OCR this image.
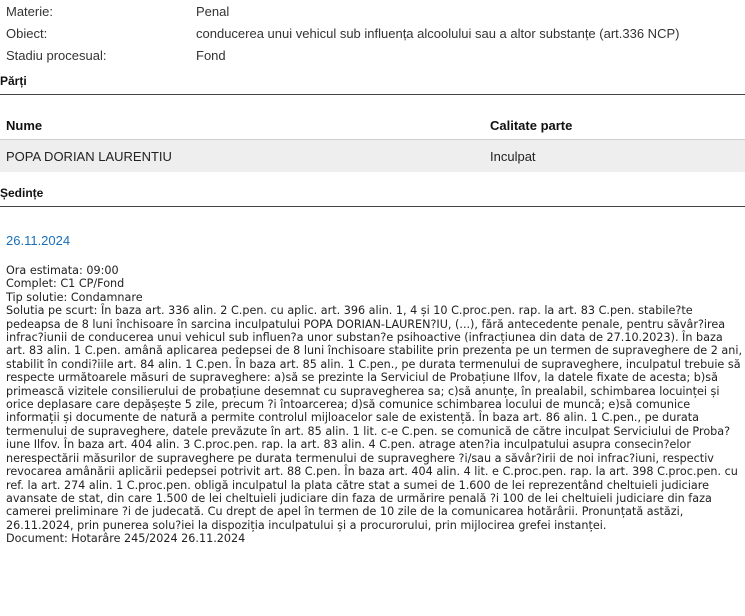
Materie:	Penal
Obiect:	conducerea unui vehicul sub influența alcoolului sau a altor substanțe (art.336 NCP)
Stadiu procesual:	Fond
Părți
Nume	Calitate parte
POPA DORIAN LAURENTIU	Inculpat
Ședințe
26.11.2024

Ora estimata: 09:00

Complet: C1 CP/Fond

Tip solutie: Condamnare

Solutia pe scurt: În baza art. 336 alin. 2 C.pen. cu aplic. art. 396 alin. 1, 4 și 10 C.proc.pen. rap. la art. 83 C.pen. stabile?te pedeapsa de 8 luni închisoare în sarcina inculpatului POPA DORIAN-LAUREN?IU, (...), fără antecedente penale, pentru săvâr?irea infrac?iunii de conducerea unui vehicul sub influen?a unor substan?e psihoactive (infracțiunea din data de 27.10.2023). În baza art. 83 alin. 1 C.pen. amână aplicarea pedepsei de 8 luni închisoare stabilite prin prezenta pe un termen de supraveghere de 2 ani, stabilit în condi?iile art. 84 alin. 1 C.pen. În baza art. 85 alin. 1 C.pen., pe durata termenului de supraveghere, inculpatul trebuie să respecte următoarele măsuri de supraveghere: a)să se prezinte la Serviciul de Probațiune Ilfov, la datele fixate de acesta; b)să primească vizitele consilierului de probațiune desemnat cu supravegherea sa; c)să anunțe, în prealabil, schimbarea locuinței și orice deplasare care depășește 5 zile, precum ?i întoarcerea; d)să comunice schimbarea locului de muncă; e)să comunice informații și documente de natură a permite controlul mijloacelor sale de existență. În baza art. 86 alin. 1 C.pen., pe durata termenului de supraveghere, datele prevăzute în art. 85 alin. 1 lit. c-e C.pen. se comunică de către inculpat Serviciului de Proba?iune Ilfov. În baza art. 404 alin. 3 C.proc.pen. rap. la art. 83 alin. 4 C.pen. atrage aten?ia inculpatului asupra consecin?elor nerespectării măsurilor de supraveghere pe durata termenului de supraveghere ?i/sau a săvâr?irii de noi infrac?iuni, respectiv revocarea amânării aplicării pedepsei potrivit art. 88 C.pen. În baza art. 404 alin. 4 lit. e C.proc.pen. rap. la art. 398 C.proc.pen. cu ref. la art. 274 alin. 1 C.proc.pen. obligă inculpatul la plata către stat a sumei de 1.600 de lei reprezentând cheltuieli judiciare avansate de stat, din care 1.500 de lei cheltuieli judiciare din faza de urmărire penală ?i 100 de lei cheltuieli judiciare din faza camerei preliminare ?i de judecată. Cu drept de apel în termen de 10 zile de la comunicarea hotărârii. Pronunțată astăzi, 26.11.2024, prin punerea solu?iei la dispoziția inculpatului și a procurorului, prin mijlocirea grefei instanței.

Document: Hotarâre 245/2024 26.11.2024
